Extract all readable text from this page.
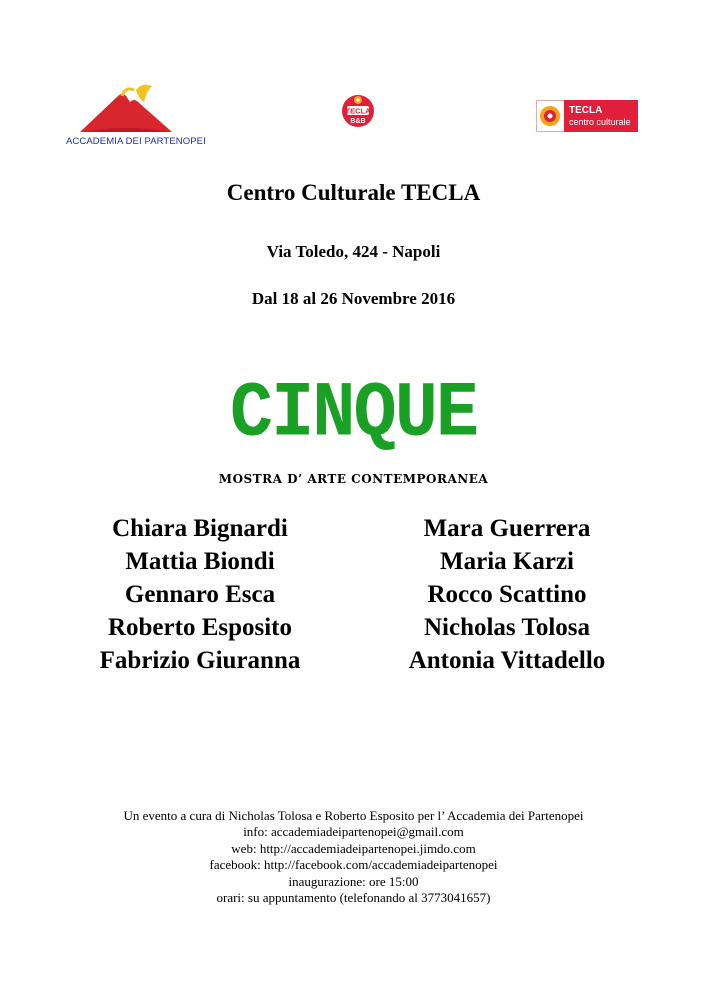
ACCADEMIA DEI PARTENOPEI
TECLA
B&B
TECLA
centro culturale
Centro Culturale TECLA
Via Toledo, 424 - Napoli
Dal 18 al 26 Novembre 2016
CINQUE
MOSTRA D’ ARTE CONTEMPORANEA
Chiara Bignardi
Mattia Biondi
Gennaro Esca
Roberto Esposito
Fabrizio Giuranna
Mara Guerrera
Maria Karzi
Rocco Scattino
Nicholas Tolosa
Antonia Vittadello
Un evento a cura di Nicholas Tolosa e Roberto Esposito per l’ Accademia dei Partenopei
info: accademiadeipartenopei@gmail.com
web: http://accademiadeipartenopei.jimdo.com
facebook: http://facebook.com/accademiadeipartenopei
inaugurazione: ore 15:00
orari: su appuntamento (telefonando al 3773041657)
